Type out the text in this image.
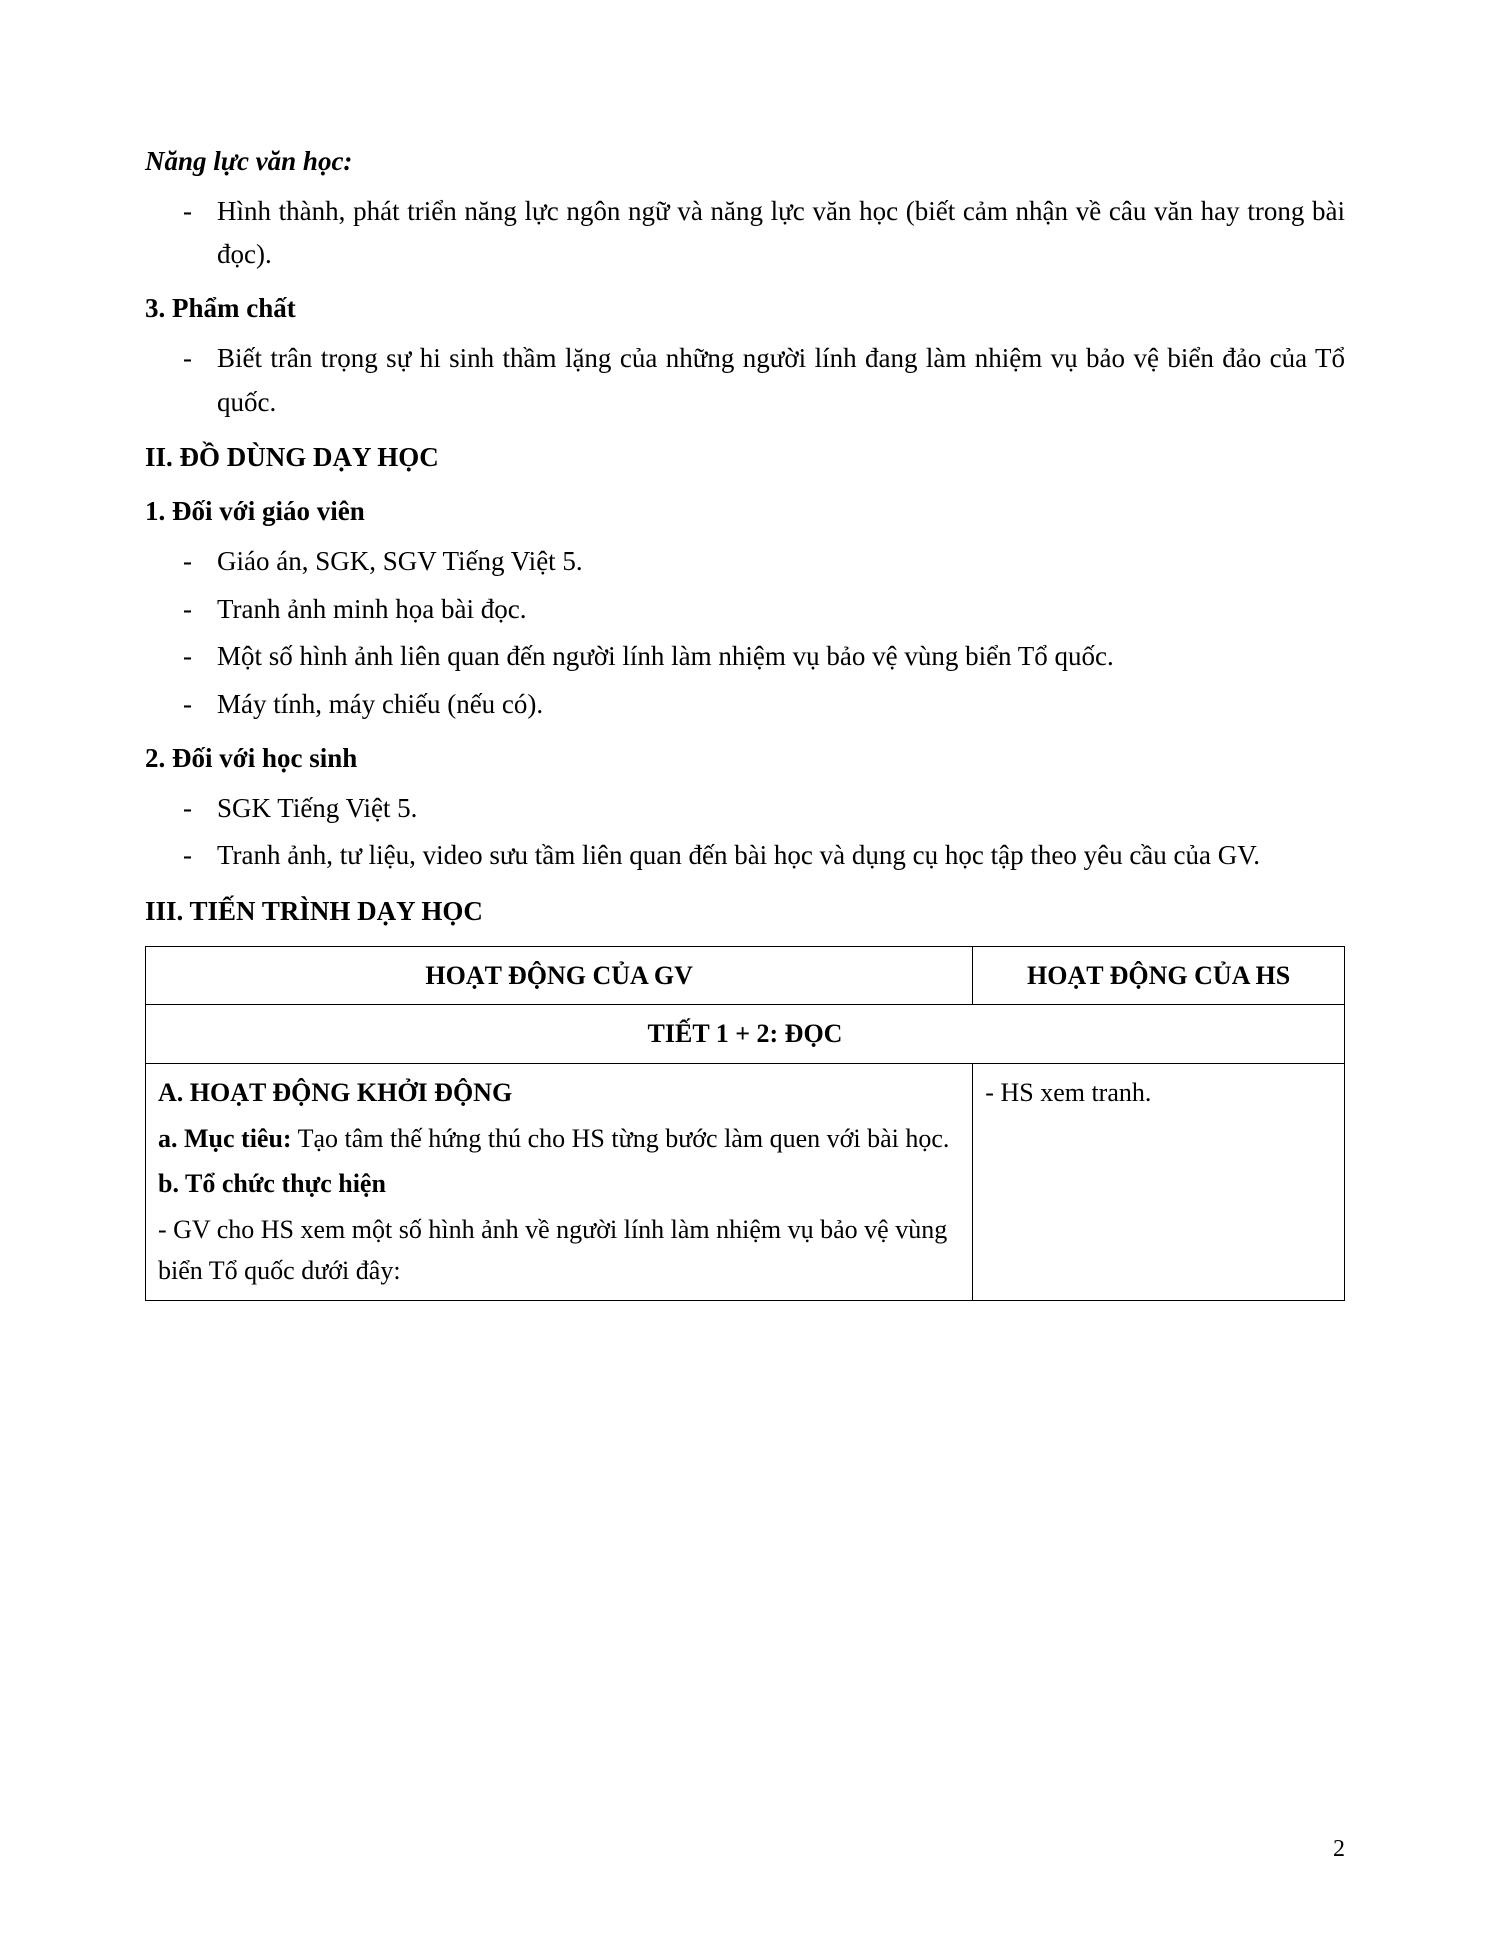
Năng lực văn học:
- Hình thành, phát triển năng lực ngôn ngữ và năng lực văn học (biết cảm nhận về câu văn hay trong bài đọc).
3. Phẩm chất
- Biết trân trọng sự hi sinh thầm lặng của những người lính đang làm nhiệm vụ bảo vệ biển đảo của Tổ quốc.
II. ĐỒ DÙNG DẠY HỌC
1. Đối với giáo viên
- Giáo án, SGK, SGV Tiếng Việt 5.
- Tranh ảnh minh họa bài đọc.
- Một số hình ảnh liên quan đến người lính làm nhiệm vụ bảo vệ vùng biển Tổ quốc.
- Máy tính, máy chiếu (nếu có).
2. Đối với học sinh
- SGK Tiếng Việt 5.
- Tranh ảnh, tư liệu, video sưu tầm liên quan đến bài học và dụng cụ học tập theo yêu cầu của GV.
III. TIẾN TRÌNH DẠY HỌC
HOẠT ĐỘNG CỦA GV	HOẠT ĐỘNG CỦA HS
TIẾT 1 + 2: ĐỌC	

A. HOẠT ĐỘNG KHỞI ĐỘNG

a. Mục tiêu: Tạo tâm thế hứng thú cho HS từng bước làm quen với bài học.

b. Tổ chức thực hiện

- GV cho HS xem một số hình ảnh về người lính làm nhiệm vụ bảo vệ vùng biển Tổ quốc dưới đây:	- HS xem tranh.
2
